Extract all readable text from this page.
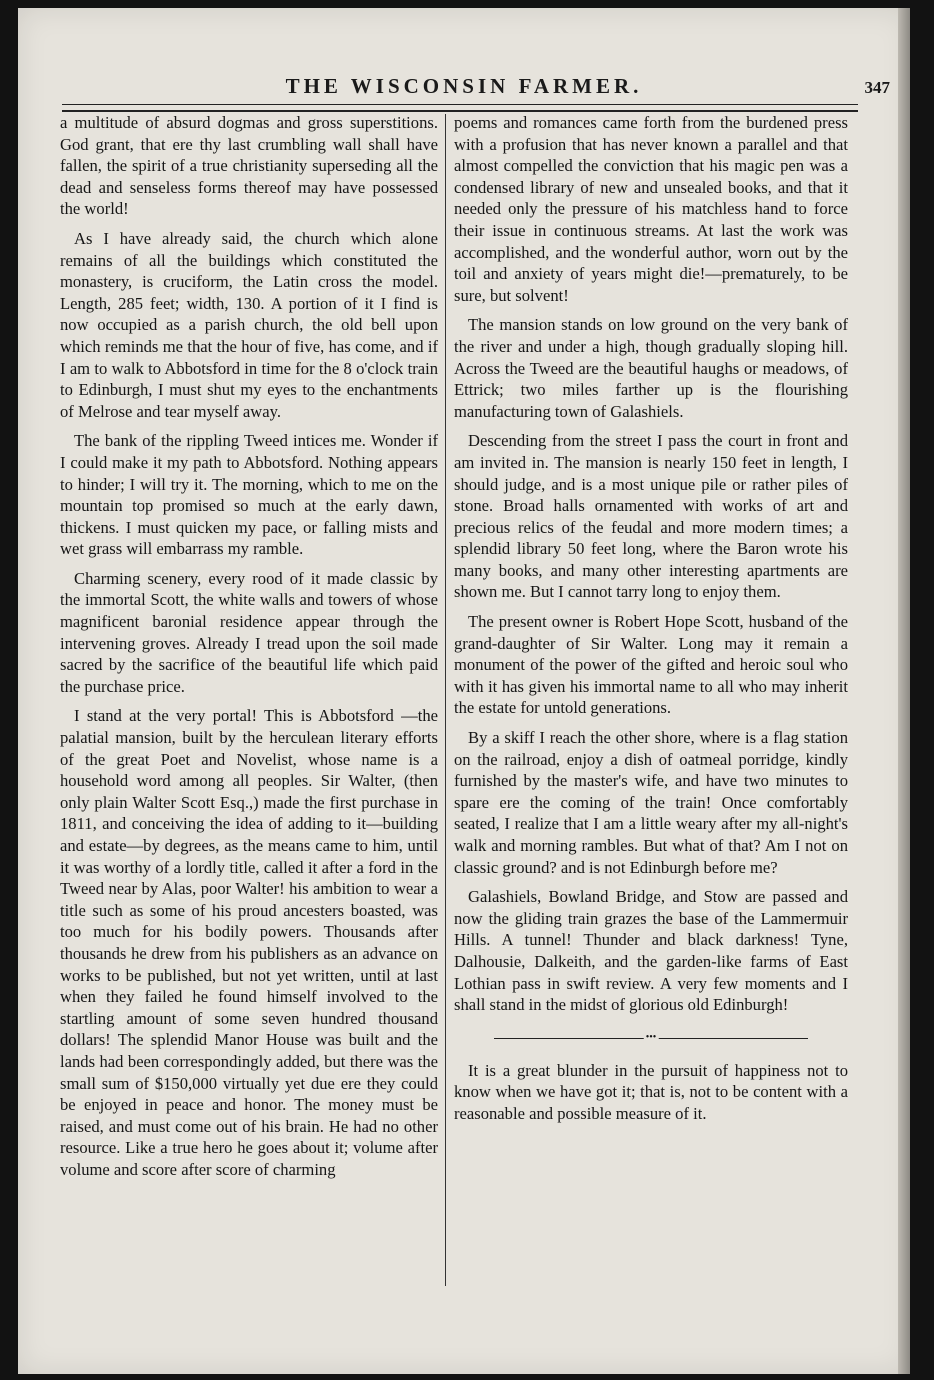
THE WISCONSIN FARMER.	347

a multitude of absurd dogmas and gross superstitions. God grant, that ere thy last crumbling wall shall have fallen, the spirit of a true christianity superseding all the dead and senseless forms thereof may have possessed the world!

As I have already said, the church which alone remains of all the buildings which constituted the monastery, is cruciform, the Latin cross the model. Length, 285 feet; width, 130. A portion of it I find is now occupied as a parish church, the old bell upon which reminds me that the hour of five, has come, and if I am to walk to Abbotsford in time for the 8 o'clock train to Edinburgh, I must shut my eyes to the enchantments of Melrose and tear myself away.

The bank of the rippling Tweed intices me. Wonder if I could make it my path to Abbotsford. Nothing appears to hinder; I will try it. The morning, which to me on the mountain top promised so much at the early dawn, thickens. I must quicken my pace, or falling mists and wet grass will embarrass my ramble.

Charming scenery, every rood of it made classic by the immortal Scott, the white walls and towers of whose magnificent baronial residence appear through the intervening groves. Already I tread upon the soil made sacred by the sacrifice of the beautiful life which paid the purchase price.

I stand at the very portal! This is Abbotsford —the palatial mansion, built by the herculean literary efforts of the great Poet and Novelist, whose name is a household word among all peoples. Sir Walter, (then only plain Walter Scott Esq.,) made the first purchase in 1811, and conceiving the idea of adding to it—building and estate—by degrees, as the means came to him, until it was worthy of a lordly title, called it after a ford in the Tweed near by Alas, poor Walter! his ambition to wear a title such as some of his proud ancesters boasted, was too much for his bodily powers. Thousands after thousands he drew from his publishers as an advance on works to be published, but not yet written, until at last when they failed he found himself involved to the startling amount of some seven hundred thousand dollars! The splendid Manor House was built and the lands had been correspondingly added, but there was the small sum of $150,000 virtually yet due ere they could be enjoyed in peace and honor. The money must be raised, and must come out of his brain. He had no other resource. Like a true hero he goes about it; volume after volume and score after score of charming

poems and romances came forth from the burdened press with a profusion that has never known a parallel and that almost compelled the conviction that his magic pen was a condensed library of new and unsealed books, and that it needed only the pressure of his matchless hand to force their issue in continuous streams. At last the work was accomplished, and the wonderful author, worn out by the toil and anxiety of years might die!—prematurely, to be sure, but solvent!

The mansion stands on low ground on the very bank of the river and under a high, though gradually sloping hill. Across the Tweed are the beautiful haughs or meadows, of Ettrick; two miles farther up is the flourishing manufacturing town of Galashiels.

Descending from the street I pass the court in front and am invited in. The mansion is nearly 150 feet in length, I should judge, and is a most unique pile or rather piles of stone. Broad halls ornamented with works of art and precious relics of the feudal and more modern times; a splendid library 50 feet long, where the Baron wrote his many books, and many other interesting apartments are shown me. But I cannot tarry long to enjoy them.

The present owner is Robert Hope Scott, husband of the grand-daughter of Sir Walter. Long may it remain a monument of the power of the gifted and heroic soul who with it has given his immortal name to all who may inherit the estate for untold generations.

By a skiff I reach the other shore, where is a flag station on the railroad, enjoy a dish of oatmeal porridge, kindly furnished by the master's wife, and have two minutes to spare ere the coming of the train! Once comfortably seated, I realize that I am a little weary after my all-night's walk and morning rambles. But what of that? Am I not on classic ground? and is not Edinburgh before me?

Galashiels, Bowland Bridge, and Stow are passed and now the gliding train grazes the base of the Lammermuir Hills. A tunnel! Thunder and black darkness! Tyne, Dalhousie, Dalkeith, and the garden-like farms of East Lothian pass in swift review. A very few moments and I shall stand in the midst of glorious old Edinburgh!

•••

It is a great blunder in the pursuit of happiness not to know when we have got it; that is, not to be content with a reasonable and possible measure of it.
